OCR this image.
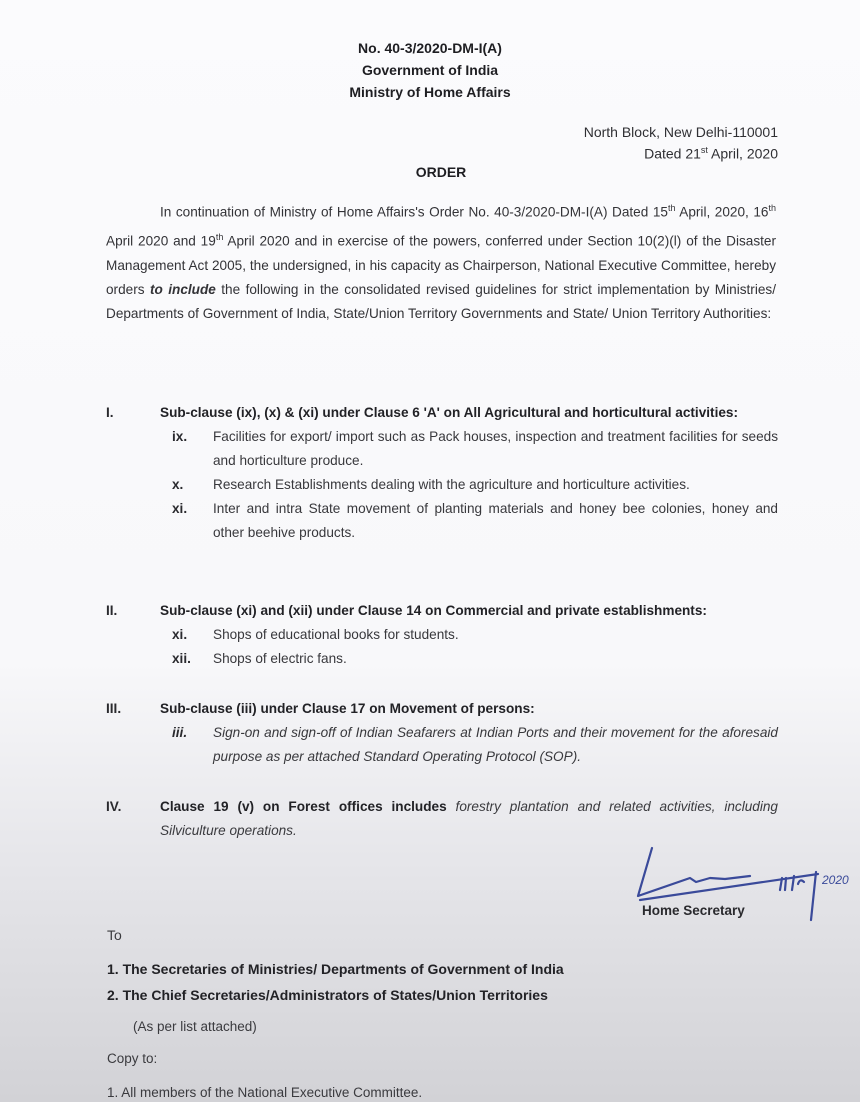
No. 40-3/2020-DM-I(A)
Government of India
Ministry of Home Affairs
North Block, New Delhi-110001
Dated 21st April, 2020
ORDER

In continuation of Ministry of Home Affairs's Order No. 40-3/2020-DM-I(A) Dated 15th April, 2020, 16th April 2020 and 19th April 2020 and in exercise of the powers, conferred under Section 10(2)(l) of the Disaster Management Act 2005, the undersigned, in his capacity as Chairperson, National Executive Committee, hereby orders to include the following in the consolidated revised guidelines for strict implementation by Ministries/ Departments of Government of India, State/Union Territory Governments and State/ Union Territory Authorities:

I.	Sub-clause (ix), (x) & (xi) under Clause 6 'A' on All Agricultural and horticultural activities:
ix. Facilities for export/ import such as Pack houses, inspection and treatment facilities for seeds and horticulture produce.
x. Research Establishments dealing with the agriculture and horticulture activities.
xi. Inter and intra State movement of planting materials and honey bee colonies, honey and other beehive products.
II.	Sub-clause (xi) and (xii) under Clause 14 on Commercial and private establishments:
xi. Shops of educational books for students.
xii. Shops of electric fans.
III.	Sub-clause (iii) under Clause 17 on Movement of persons:
iii. Sign-on and sign-off of Indian Seafarers at Indian Ports and their movement for the aforesaid purpose as per attached Standard Operating Protocol (SOP).
IV.	Clause 19 (v) on Forest offices includes forestry plantation and related activities, including Silviculture operations.
2020
Home Secretary
To
1. The Secretaries of Ministries/ Departments of Government of India
2. The Chief Secretaries/Administrators of States/Union Territories
(As per list attached)
Copy to:
1. All members of the National Executive Committee.
